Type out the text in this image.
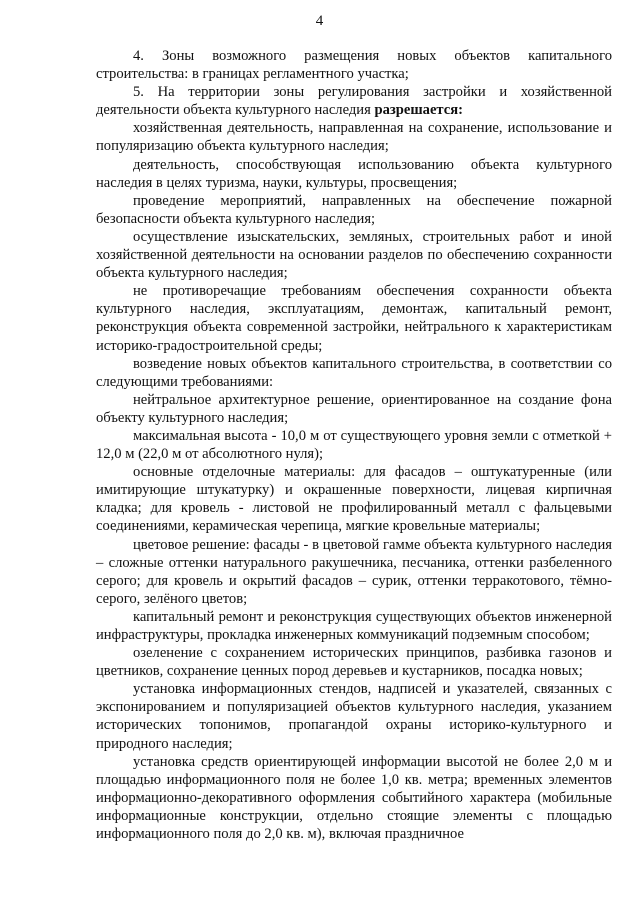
4

4. Зоны возможного размещения новых объектов капитального строительства: в границах регламентного участка;

5. На территории зоны регулирования застройки и хозяйственной деятельности объекта культурного наследия разрешается:

хозяйственная деятельность, направленная на сохранение, использование и популяризацию объекта культурного наследия;

деятельность, способствующая использованию объекта культурного наследия в целях туризма, науки, культуры, просвещения;

проведение мероприятий, направленных на обеспечение пожарной безопасности объекта культурного наследия;

осуществление изыскательских, земляных, строительных работ и иной хозяйственной деятельности на основании разделов по обеспечению сохранности объекта культурного наследия;

не противоречащие требованиям обеспечения сохранности объекта культурного наследия, эксплуатациям, демонтаж, капитальный ремонт, реконструкция объекта современной застройки, нейтрального к характеристикам историко-градостроительной среды;

возведение новых объектов капитального строительства, в соответствии со следующими требованиями:

нейтральное архитектурное решение, ориентированное на создание фона объекту культурного наследия;

максимальная высота - 10,0 м от существующего уровня земли с отметкой + 12,0 м (22,0 м от абсолютного нуля);

основные отделочные материалы: для фасадов – оштукатуренные (или имитирующие штукатурку) и окрашенные поверхности, лицевая кирпичная кладка; для кровель - листовой не профилированный металл с фальцевыми соединениями, керамическая черепица, мягкие кровельные материалы;

цветовое решение: фасады - в цветовой гамме объекта культурного наследия – сложные оттенки натурального ракушечника, песчаника, оттенки разбеленного серого; для кровель и окрытий фасадов – сурик, оттенки терракотового, тёмно-серого, зелёного цветов;

капитальный ремонт и реконструкция существующих объектов инженерной инфраструктуры, прокладка инженерных коммуникаций подземным способом;

озеленение с сохранением исторических принципов, разбивка газонов и цветников, сохранение ценных пород деревьев и кустарников, посадка новых;

установка информационных стендов, надписей и указателей, связанных с экспонированием и популяризацией объектов культурного наследия, указанием исторических топонимов, пропагандой охраны историко-культурного и природного наследия;

установка средств ориентирующей информации высотой не более 2,0 м и площадью информационного поля не более 1,0 кв. метра; временных элементов информационно-декоративного оформления событийного характера (мобильные информационные конструкции, отдельно стоящие элементы с площадью информационного поля до 2,0 кв. м), включая праздничное
